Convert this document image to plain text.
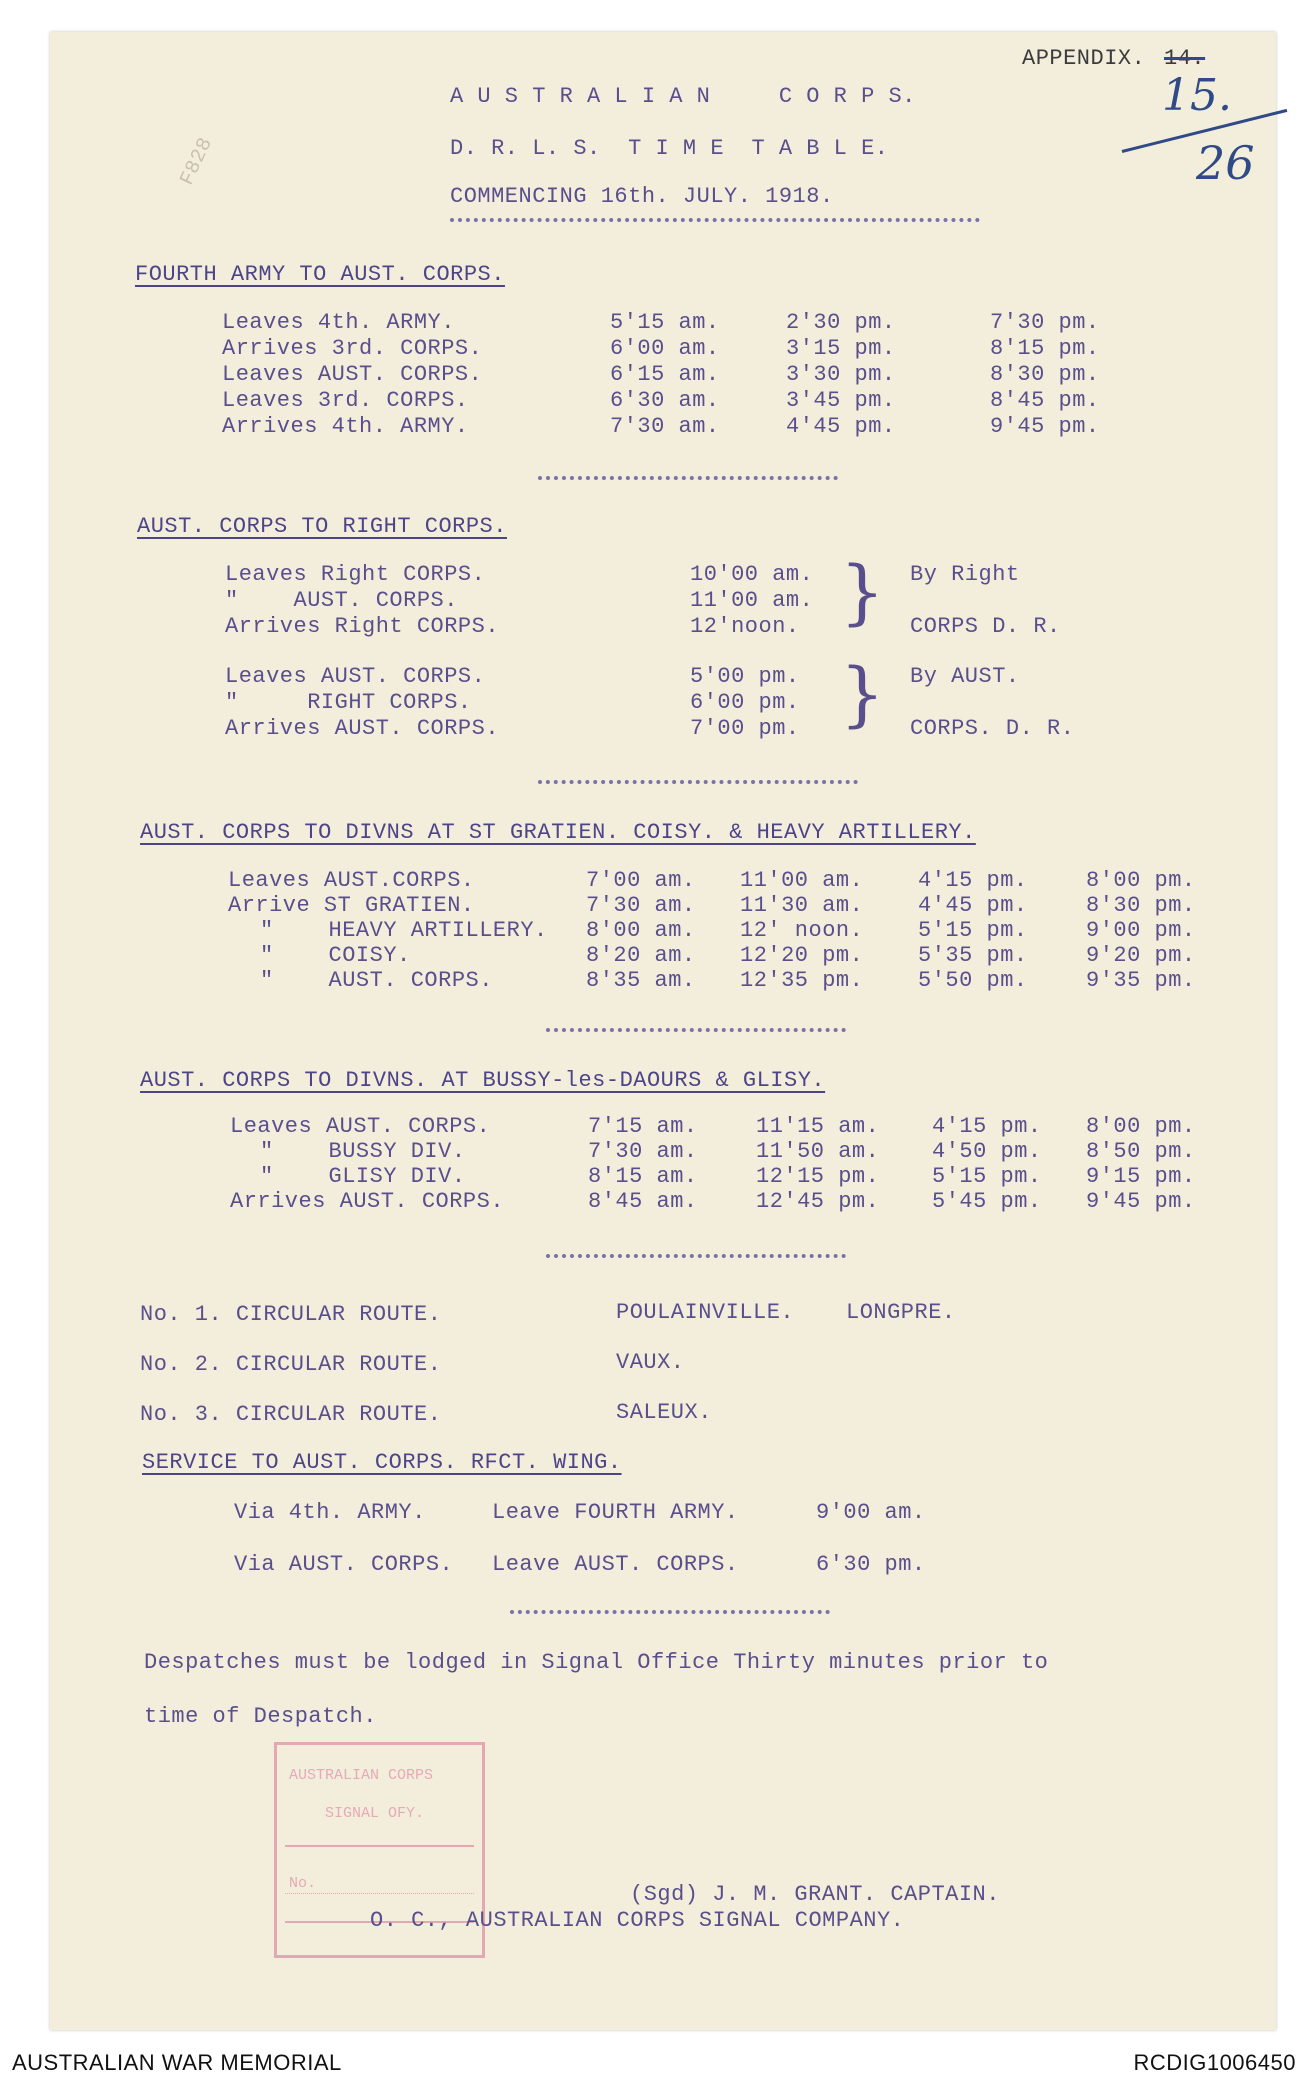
APPENDIX. 14.
15.
26
F828
A U S T R A L I A N     C O R P S.
D. R. L. S.  T I M E  T A B L E.
COMMENCING 16th. JULY. 1918.
FOURTH ARMY TO AUST. CORPS.
Leaves 4th. ARMY.	5'15 am.	2'30 pm.	7'30 pm.
Arrives 3rd. CORPS.	6'00 am.	3'15 pm.	8'15 pm.
Leaves AUST. CORPS.	6'15 am.	3'30 pm.	8'30 pm.
Leaves 3rd. CORPS.	6'30 am.	3'45 pm.	8'45 pm.
Arrives 4th. ARMY.	7'30 am.	4'45 pm.	9'45 pm.
AUST. CORPS TO RIGHT CORPS.
Leaves Right CORPS.	10'00 am.
"    AUST. CORPS.	11'00 am.
Arrives Right CORPS.	12'noon. } By Right
CORPS D. R.
Leaves AUST. CORPS.	5'00 pm.
"     RIGHT CORPS.	6'00 pm.
Arrives AUST. CORPS.	7'00 pm. } By AUST.
CORPS. D. R.
AUST. CORPS TO DIVNS AT ST GRATIEN. COISY. & HEAVY ARTILLERY.
Leaves AUST.CORPS.	7'00 am. 11'00 am. 4'15 pm.	8'00 pm.
Arrive ST GRATIEN.	7'30 am. 11'30 am. 4'45 pm.	8'30 pm.
"    HEAVY ARTILLERY. 8'00 am. 12' noon. 5'15 pm.	9'00 pm.
"    COISY.	8'20 am. 12'20 pm. 5'35 pm.	9'20 pm.
"    AUST. CORPS.	8'35 am. 12'35 pm. 5'50 pm.	9'35 pm.
AUST. CORPS TO DIVNS. AT BUSSY-les-DAOURS & GLISY.
Leaves AUST. CORPS.	7'15 am.	11'15 am. 4'15 pm. 8'00 pm.
"    BUSSY DIV.	7'30 am.	11'50 am. 4'50 pm. 8'50 pm.
"    GLISY DIV.	8'15 am.	12'15 pm. 5'15 pm. 9'15 pm.
Arrives AUST. CORPS.	8'45 am.	12'45 pm. 5'45 pm. 9'45 pm.
No. 1. CIRCULAR ROUTE.	POULAINVILLE. LONGPRE.
No. 2. CIRCULAR ROUTE.	VAUX.
No. 3. CIRCULAR ROUTE.	SALEUX.
SERVICE TO AUST. CORPS. RFCT. WING.
Via 4th. ARMY.	Leave FOURTH ARMY.	9'00 am.
Via AUST. CORPS. Leave AUST. CORPS.	6'30 pm.
Despatches must be lodged in Signal Office Thirty minutes prior to
time of Despatch.
AUSTRALIAN CORPS
SIGNAL OFY.
No.	(Sgd) J. M. GRANT. CAPTAIN.
O. C., AUSTRALIAN CORPS SIGNAL COMPANY.
AUSTRALIAN WAR MEMORIAL	RCDIG1006450
